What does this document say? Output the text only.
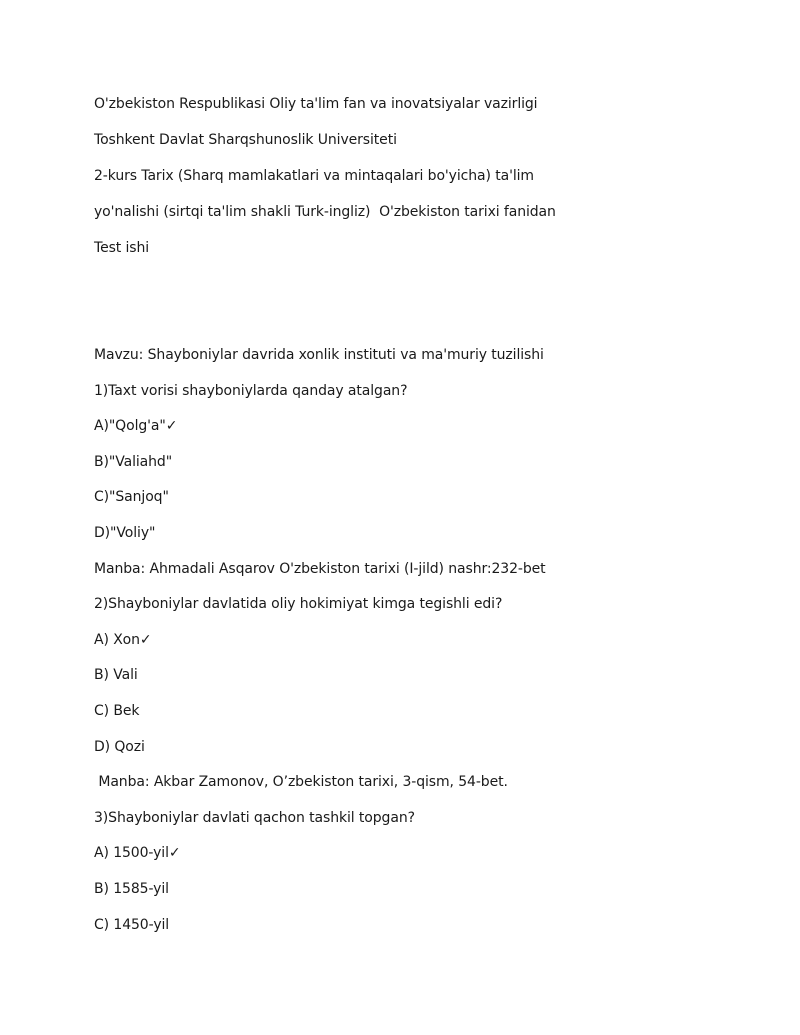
O'zbekiston Respublikasi Oliy ta'lim fan va inovatsiyalar vazirligi
Toshkent Davlat Sharqshunoslik Universiteti
2-kurs Tarix (Sharq mamlakatlari va mintaqalari bo'yicha) ta'lim
yo'nalishi (sirtqi ta'lim shakli Turk-ingliz)  O'zbekiston tarixi fanidan
Test ishi
Mavzu: Shayboniylar davrida xonlik instituti va ma'muriy tuzilishi
1)Taxt vorisi shayboniylarda qanday atalgan?
A)"Qolg'a"✓
B)"Valiahd"
C)"Sanjoq"
D)"Voliy"
Manba: Ahmadali Asqarov O'zbekiston tarixi (I-jild) nashr:232-bet
2)Shayboniylar davlatida oliy hokimiyat kimga tegishli edi?
A) Xon✓
B) Vali
C) Bek
D) Qozi
Manba: Akbar Zamonov, O’zbekiston tarixi, 3-qism, 54-bet.
3)Shayboniylar davlati qachon tashkil topgan?
A) 1500-yil✓
B) 1585-yil
C) 1450-yil
